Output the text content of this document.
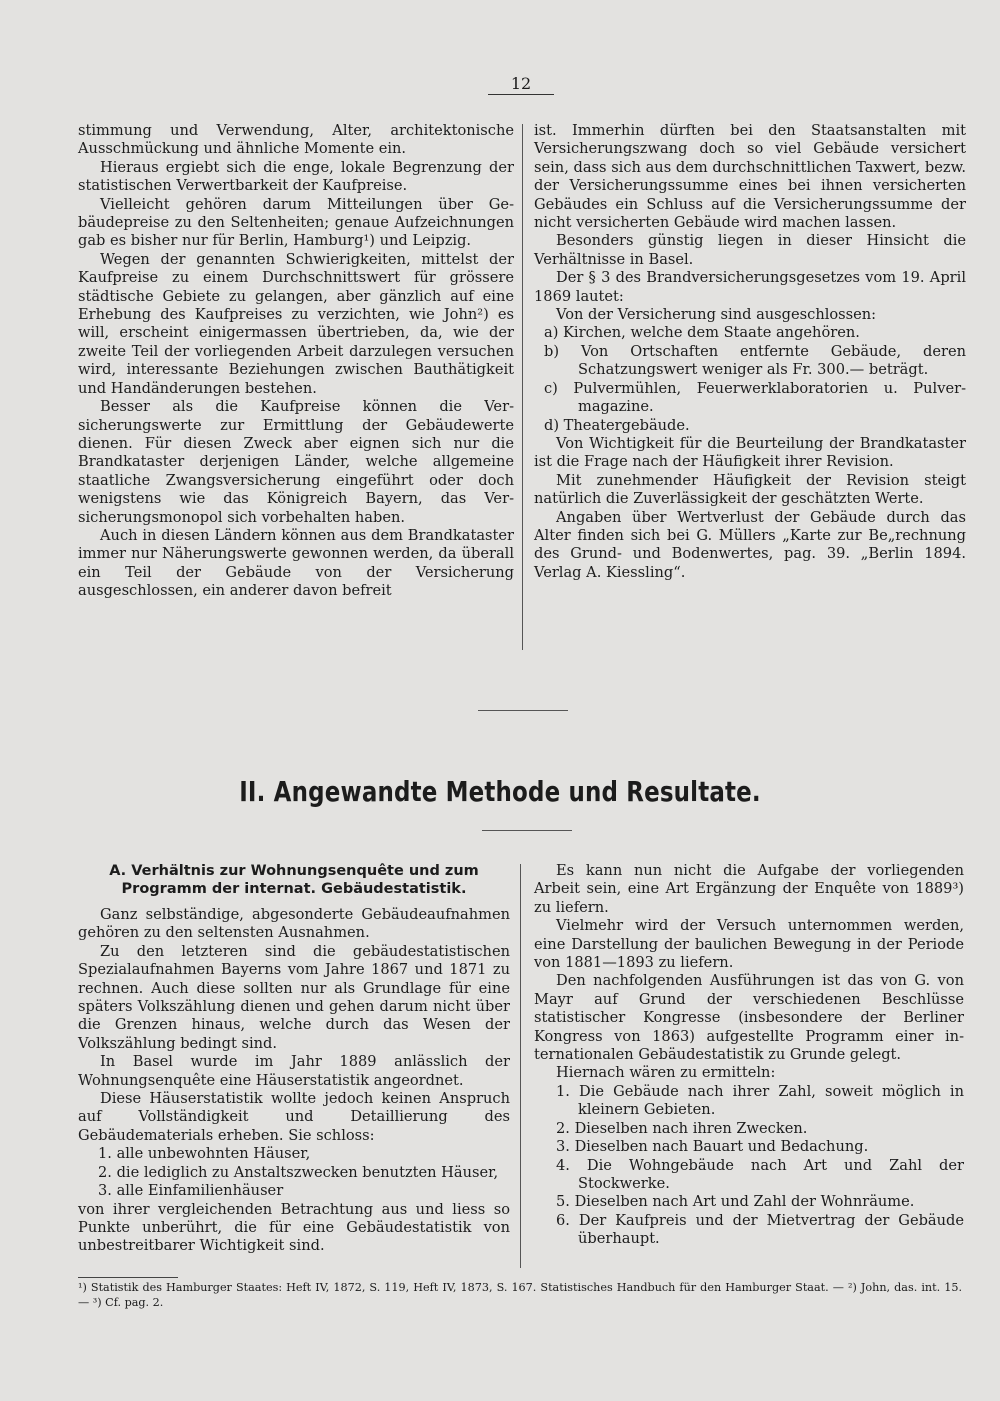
12

stimmung und Verwendung, Alter, architektonische Ausschmückung und ähnliche Momente ein.

Hieraus ergiebt sich die enge, lokale Begrenzung der statistischen Verwertbarkeit der Kaufpreise.

Vielleicht gehören darum Mitteilungen über Gebäudepreise zu den Seltenheiten; genaue Aufzeichnungen gab es bisher nur für Berlin, Hamburg¹) und Leipzig.

Wegen der genannten Schwierigkeiten, mittelst der Kaufpreise zu einem Durchschnittswert für grössere städtische Gebiete zu gelangen, aber gänzlich auf eine Erhebung des Kaufpreises zu verzichten, wie John²) es will, erscheint einigermassen übertrieben, da, wie der zweite Teil der vorliegenden Arbeit darzulegen versuchen wird, interessante Beziehungen zwischen Bauthätigkeit und Handänderungen bestehen.

Besser als die Kaufpreise können die Versicherungswerte zur Ermittlung der Gebäudewerte dienen. Für diesen Zweck aber eignen sich nur die Brandkataster derjenigen Länder, welche allgemeine staatliche Zwangsversicherung eingeführt oder doch wenigstens wie das Königreich Bayern, das Versicherungsmonopol sich vorbehalten haben.

Auch in diesen Ländern können aus dem Brandkataster immer nur Näherungswerte gewonnen werden, da überall ein Teil der Gebäude von der Versicherung ausgeschlossen, ein anderer davon befreit

ist. Immerhin dürften bei den Staatsanstalten mit Versicherungszwang doch so viel Gebäude versichert sein, dass sich aus dem durchschnittlichen Taxwert, bezw. der Versicherungssumme eines bei ihnen versicherten Gebäudes ein Schluss auf die Versicherungssumme der nicht versicherten Gebäude wird machen lassen.

Besonders günstig liegen in dieser Hinsicht die Verhältnisse in Basel.

Der § 3 des Brandversicherungsgesetzes vom 19. April 1869 lautet:

Von der Versicherung sind ausgeschlossen:

a) Kirchen, welche dem Staate angehören.

b) Von Ortschaften entfernte Gebäude, deren Schatzungswert weniger als Fr. 300.— beträgt.

c) Pulvermühlen, Feuerwerklaboratorien u. Pulvermagazine.

d) Theatergebäude.

Von Wichtigkeit für die Beurteilung der Brandkataster ist die Frage nach der Häufigkeit ihrer Revision.

Mit zunehmender Häufigkeit der Revision steigt natürlich die Zuverlässigkeit der geschätzten Werte.

Angaben über Wertverlust der Gebäude durch das Alter finden sich bei G. Müllers „Karte zur Be„rechnung des Grund- und Bodenwertes, pag. 39. „Berlin 1894. Verlag A. Kiessling“.

II. Angewandte Methode und Resultate.
A. Verhältnis zur Wohnungsenquête und zum Programm der internat. Gebäudestatistik.

Ganz selbständige, abgesonderte Gebäudeaufnahmen gehören zu den seltensten Ausnahmen.

Zu den letzteren sind die gebäudestatistischen Spezialaufnahmen Bayerns vom Jahre 1867 und 1871 zu rechnen. Auch diese sollten nur als Grundlage für eine späters Volkszählung dienen und gehen darum nicht über die Grenzen hinaus, welche durch das Wesen der Volkszählung bedingt sind.

In Basel wurde im Jahr 1889 anlässlich der Wohnungsenquête eine Häuserstatistik angeordnet.

Diese Häuserstatistik wollte jedoch keinen Anspruch auf Vollständigkeit und Detaillierung des Gebäudematerials erheben. Sie schloss:

1. alle unbewohnten Häuser,

2. die lediglich zu Anstaltszwecken benutzten Häuser,

3. alle Einfamilienhäuser

von ihrer vergleichenden Betrachtung aus und liess so Punkte unberührt, die für eine Gebäudestatistik von unbestreitbarer Wichtigkeit sind.

Es kann nun nicht die Aufgabe der vorliegenden Arbeit sein, eine Art Ergänzung der Enquête von 1889³) zu liefern.

Vielmehr wird der Versuch unternommen werden, eine Darstellung der baulichen Bewegung in der Periode von 1881—1893 zu liefern.

Den nachfolgenden Ausführungen ist das von G. von Mayr auf Grund der verschiedenen Beschlüsse statistischer Kongresse (insbesondere der Berliner Kongress von 1863) aufgestellte Programm einer internationalen Gebäudestatistik zu Grunde gelegt.

Hiernach wären zu ermitteln:

1. Die Gebäude nach ihrer Zahl, soweit möglich in kleinern Gebieten.

2. Dieselben nach ihren Zwecken.

3. Dieselben nach Bauart und Bedachung.

4. Die Wohngebäude nach Art und Zahl der Stockwerke.

5. Dieselben nach Art und Zahl der Wohnräume.

6. Der Kaufpreis und der Mietvertrag der Gebäude überhaupt.

¹) Statistik des Hamburger Staates: Heft IV, 1872, S. 119, Heft IV, 1873, S. 167. Statistisches Handbuch für den Hamburger Staat. — ²) John, das. int. 15. — ³) Cf. pag. 2.
